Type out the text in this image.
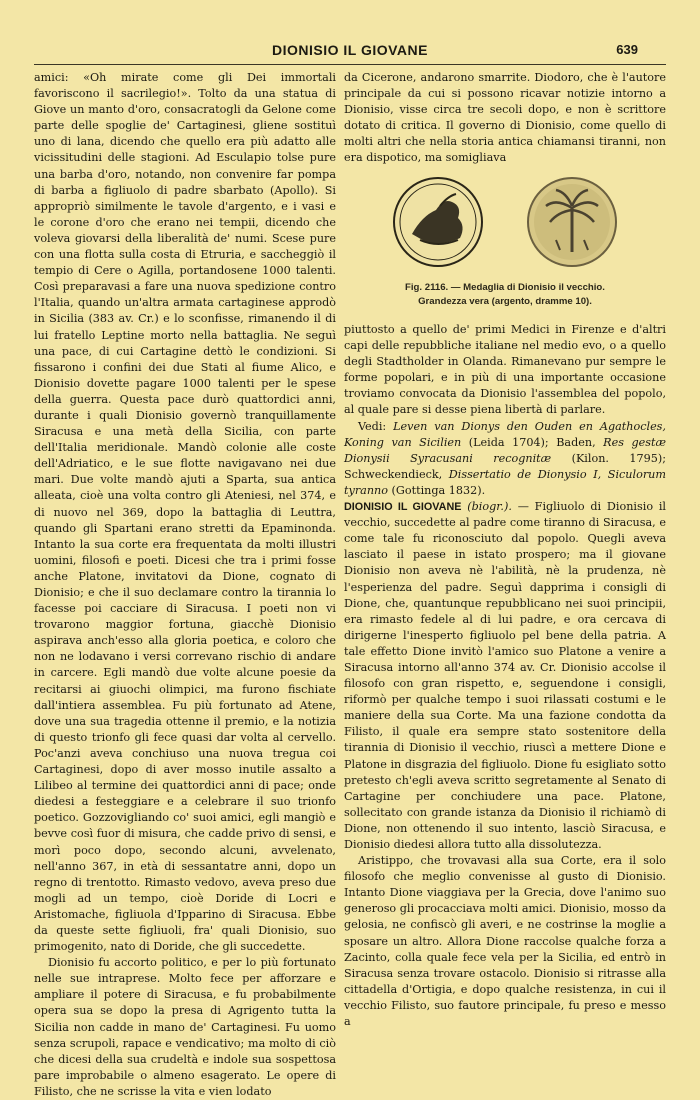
DIONISIO IL GIOVANE	639

amici: «Oh mirate come gli Dei immortali favoriscono il sacrilegio!». Tolto da una statua di Giove un manto d'oro, consacratogli da Gelone come parte delle spoglie de' Cartaginesi, gliene sostituì uno di lana, dicendo che quello era più adatto alle vicissitudini delle stagioni. Ad Esculapio tolse pure una barba d'oro, notando, non convenire far pompa di barba a figliuolo di padre sbarbato (Apollo). Si appropriò similmente le tavole d'argento, e i vasi e le corone d'oro che erano nei tempii, dicendo che voleva giovarsi della liberalità de' numi. Scese pure con una flotta sulla costa di Etruria, e saccheggiò il tempio di Cere o Agilla, portandosene 1000 talenti. Così preparavasi a fare una nuova spedizione contro l'Italia, quando un'altra armata cartaginese approdò in Sicilia (383 av. Cr.) e lo sconfisse, rimanendo il di lui fratello Leptine morto nella battaglia. Ne seguì una pace, di cui Cartagine dettò le condizioni. Si fissarono i confini dei due Stati al fiume Alico, e Dionisio dovette pagare 1000 talenti per le spese della guerra. Questa pace durò quattordici anni, durante i quali Dionisio governò tranquillamente Siracusa e una metà della Sicilia, con parte dell'Italia meridionale. Mandò colonie alle coste dell'Adriatico, e le sue flotte navigavano nei due mari. Due volte mandò ajuti a Sparta, sua antica alleata, cioè una volta contro gli Ateniesi, nel 374, e di nuovo nel 369, dopo la battaglia di Leuttra, quando gli Spartani erano stretti da Epaminonda. Intanto la sua corte era frequentata da molti illustri uomini, filosofi e poeti. Dicesi che tra i primi fosse anche Platone, invitatovi da Dione, cognato di Dionisio; e che il suo declamare contro la tirannia lo facesse poi cacciare di Siracusa. I poeti non vi trovarono maggior fortuna, giacchè Dionisio aspirava anch'esso alla gloria poetica, e coloro che non ne lodavano i versi correvano rischio di andare in carcere. Egli mandò due volte alcune poesie da recitarsi ai giuochi olimpici, ma furono fischiate dall'intiera assemblea. Fu più fortunato ad Atene, dove una sua tragedia ottenne il premio, e la notizia di questo trionfo gli fece quasi dar volta al cervello. Poc'anzi aveva conchiuso una nuova tregua coi Cartaginesi, dopo di aver mosso inutile assalto a Lilibeo al termine dei quattordici anni di pace; onde diedesi a festeggiare e a celebrare il suo trionfo poetico. Gozzovigliando co' suoi amici, egli mangiò e bevve così fuor di misura, che cadde privo di sensi, e morì poco dopo, secondo alcuni, avvelenato, nell'anno 367, in età di sessantatre anni, dopo un regno di trentotto. Rimasto vedovo, aveva preso due mogli ad un tempo, cioè Doride di Locri e Aristomache, figliuola d'Ipparino di Siracusa. Ebbe da queste sette figliuoli, fra' quali Dionisio, suo primogenito, nato di Doride, che gli succedette.

Dionisio fu accorto politico, e per lo più fortunato nelle sue intraprese. Molto fece per afforzare e ampliare il potere di Siracusa, e fu probabilmente opera sua se dopo la presa di Agrigento tutta la Sicilia non cadde in mano de' Cartaginesi. Fu uomo senza scrupoli, rapace e vendicativo; ma molto di ciò che dicesi della sua crudeltà e indole sua sospettosa pare improbabile o almeno esagerato. Le opere di Filisto, che ne scrisse la vita e vien lodato

da Cicerone, andarono smarrite. Diodoro, che è l'autore principale da cui si possono ricavar notizie intorno a Dionisio, visse circa tre secoli dopo, e non è scrittore dotato di critica. Il governo di Dionisio, come quello di molti altri che nella storia antica chiamansi tiranni, non era dispotico, ma somigliava

Fig. 2116. — Medaglia di Dionisio il vecchio.
Grandezza vera (argento, dramme 10).

piuttosto a quello de' primi Medici in Firenze e d'altri capi delle repubbliche italiane nel medio evo, o a quello degli Stadtholder in Olanda. Rimanevano pur sempre le forme popolari, e in più di una importante occasione troviamo convocata da Dionisio l'assemblea del popolo, al quale pare si desse piena libertà di parlare.

Vedi: Leven van Dionys den Ouden en Agathocles, Koning van Sicilien (Leida 1704); Baden, Res gestæ Dionysii Syracusani recognitæ (Kilon. 1795); Schweckendieck, Dissertatio de Dionysio I, Siculorum tyranno (Gottinga 1832).

DIONISIO IL GIOVANE (biogr.). — Figliuolo di Dionisio il vecchio, succedette al padre come tiranno di Siracusa, e come tale fu riconosciuto dal popolo. Quegli aveva lasciato il paese in istato prospero; ma il giovane Dionisio non aveva nè l'abilità, nè la prudenza, nè l'esperienza del padre. Seguì dapprima i consigli di Dione, che, quantunque repubblicano nei suoi principii, era rimasto fedele al di lui padre, e ora cercava di dirigerne l'inesperto figliuolo pel bene della patria. A tale effetto Dione invitò l'amico suo Platone a venire a Siracusa intorno all'anno 374 av. Cr. Dionisio accolse il filosofo con gran rispetto, e, seguendone i consigli, riformò per qualche tempo i suoi rilassati costumi e le maniere della sua Corte. Ma una fazione condotta da Filisto, il quale era sempre stato sostenitore della tirannia di Dionisio il vecchio, riuscì a mettere Dione e Platone in disgrazia del figliuolo. Dione fu esigliato sotto pretesto ch'egli aveva scritto segretamente al Senato di Cartagine per conchiudere una pace. Platone, sollecitato con grande istanza da Dionisio il richiamò di Dione, non ottenendo il suo intento, lasciò Siracusa, e Dionisio diedesi allora tutto alla dissolutezza.

Aristippo, che trovavasi alla sua Corte, era il solo filosofo che meglio convenisse al gusto di Dionisio. Intanto Dione viaggiava per la Grecia, dove l'animo suo generoso gli procacciava molti amici. Dionisio, mosso da gelosia, ne confiscò gli averi, e ne costrinse la moglie a sposare un altro. Allora Dione raccolse qualche forza a Zacinto, colla quale fece vela per la Sicilia, ed entrò in Siracusa senza trovare ostacolo. Dionisio si ritrasse alla cittadella d'Ortigia, e dopo qualche resistenza, in cui il vecchio Filisto, suo fautore principale, fu preso e messo a
